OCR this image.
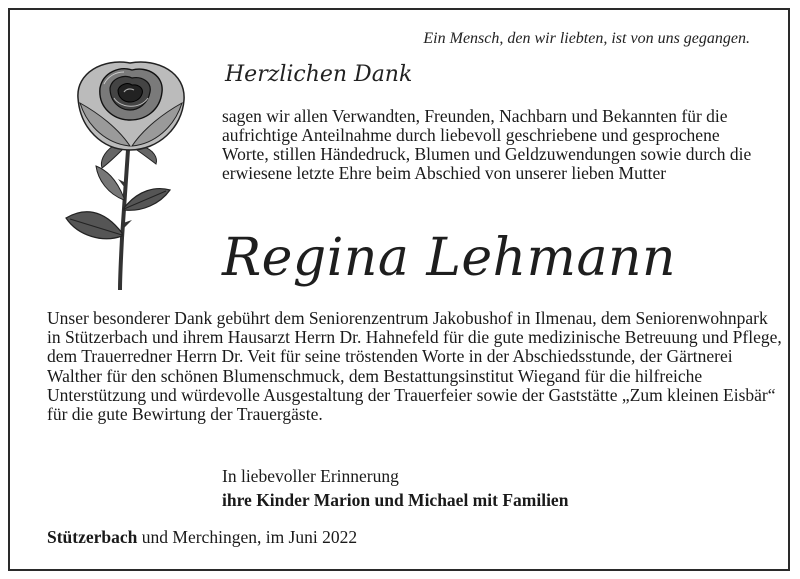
Ein Mensch, den wir liebten, ist von uns gegangen.
Herzlichen Dank
sagen wir allen Verwandten, Freunden, Nachbarn und Bekannten für die aufrichtige Anteilnahme durch liebevoll geschriebene und gesprochene Worte, stillen Händedruck, Blumen und Geldzuwendungen sowie durch die erwiesene letzte Ehre beim Abschied von unserer lieben Mutter
Regina Lehmann
Unser besonderer Dank gebührt dem Seniorenzentrum Jakobushof in Ilmenau, dem Seniorenwohnpark in Stützerbach und ihrem Hausarzt Herrn Dr. Hahnefeld für die gute medizinische Betreuung und Pflege, dem Trauerredner Herrn Dr. Veit für seine tröstenden Worte in der Abschiedsstunde, der Gärtnerei Walther für den schönen Blumenschmuck, dem Bestattungsinstitut Wiegand für die hilfreiche Unterstützung und würdevolle Ausgestaltung der Trauerfeier sowie der Gaststätte „Zum kleinen Eisbär“ für die gute Bewirtung der Trauergäste.
In liebevoller Erinnerung
ihre Kinder Marion und Michael mit Familien
Stützerbach und Merchingen, im Juni 2022
